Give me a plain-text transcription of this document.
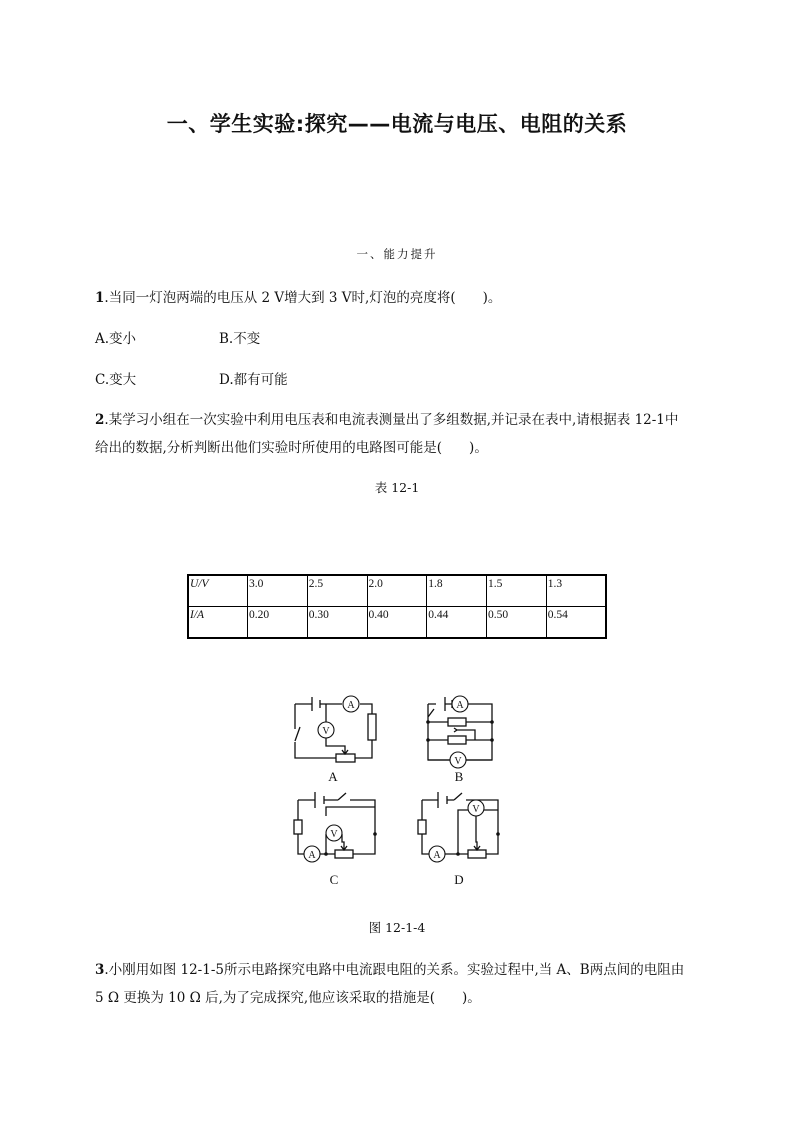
一、学生实验:探究——电流与电压、电阻的关系
一、能力提升
1.当同一灯泡两端的电压从 2 V增大到 3 V时,灯泡的亮度将(　　)。
A.变小	B.不变
C.变大	D.都有可能
2.某学习小组在一次实验中利用电压表和电流表测量出了多组数据,并记录在表中,请根据表 12-1中
给出的数据,分析判断出他们实验时所使用的电路图可能是(　　)。
表 12-1
U/V	3.0	2.5	2.0	1.8	1.5	1.3
I/A	0.20	0.30	0.40	0.44	0.50	0.54
A
V
A
A
V
B
A
V
C
A
V
D
图 12-1-4
3.小刚用如图 12-1-5所示电路探究电路中电流跟电阻的关系。实验过程中,当 A、B两点间的电阻由
5 Ω 更换为 10 Ω 后,为了完成探究,他应该采取的措施是(　　)。
